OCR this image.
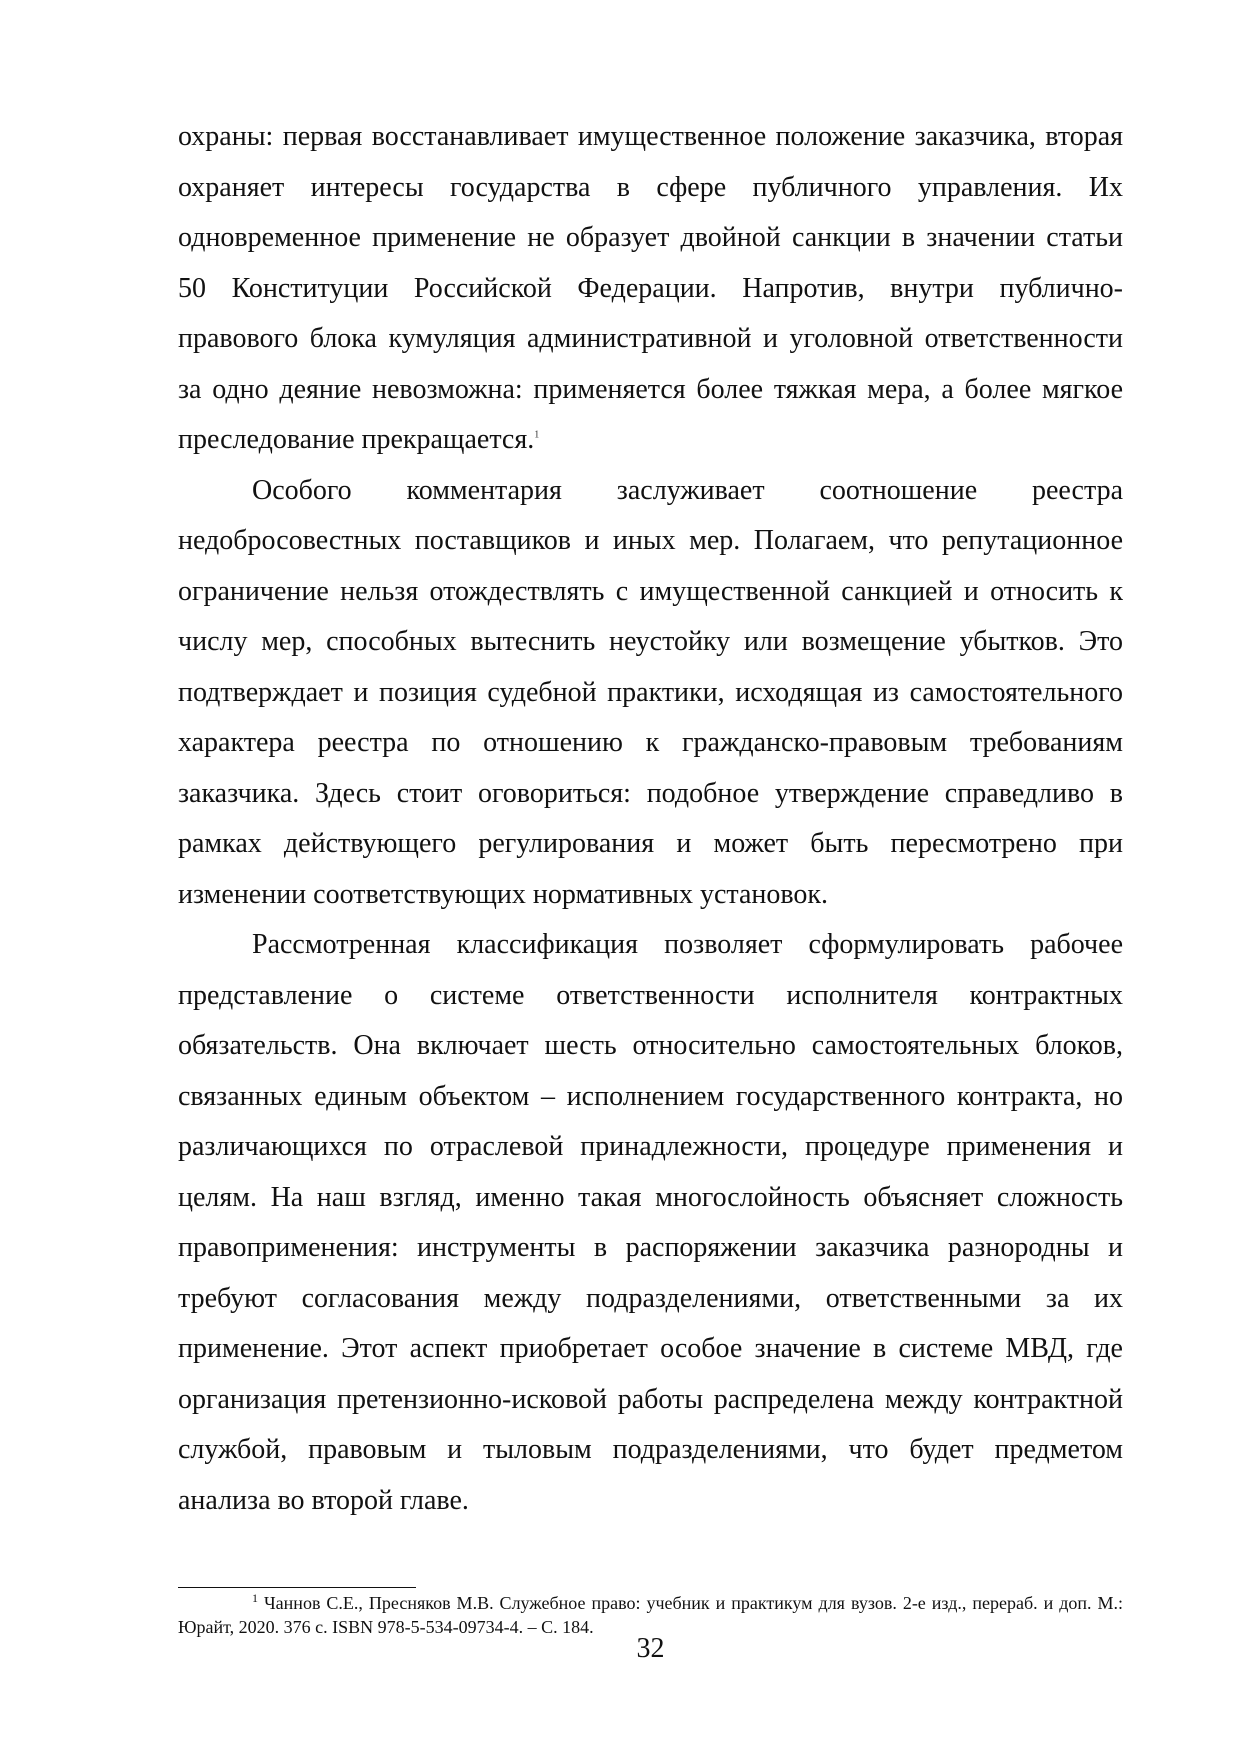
охраны: первая восстанавливает имущественное положение заказчика, вторая охраняет интересы государства в сфере публичного управления. Их одновременное применение не образует двойной санкции в значении статьи 50 Конституции Российской Федерации. Напротив, внутри публично-правового блока кумуляция административной и уголовной ответственности за одно деяние невозможна: применяется более тяжкая мера, а более мягкое преследование прекращается.$^1$

Особого комментария заслуживает соотношение реестра недобросовестных поставщиков и иных мер. Полагаем, что репутационное ограничение нельзя отождествлять с имущественной санкцией и относить к числу мер, способных вытеснить неустойку или возмещение убытков. Это подтверждает и позиция судебной практики, исходящая из самостоятельного характера реестра по отношению к гражданско-правовым требованиям заказчика. Здесь стоит оговориться: подобное утверждение справедливо в рамках действующего регулирования и может быть пересмотрено при изменении соответствующих нормативных установок.

Рассмотренная классификация позволяет сформулировать рабочее представление о системе ответственности исполнителя контрактных обязательств. Она включает шесть относительно самостоятельных блоков, связанных единым объектом – исполнением государственного контракта, но различающихся по отраслевой принадлежности, процедуре применения и целям. На наш взгляд, именно такая многослойность объясняет сложность правоприменения: инструменты в распоряжении заказчика разнородны и требуют согласования между подразделениями, ответственными за их применение. Этот аспект приобретает особое значение в системе МВД, где организация претензионно-исковой работы распределена между контрактной службой, правовым и тыловым подразделениями, что будет предметом анализа во второй главе.

$^1$ Чаннов С.Е., Пресняков М.В. Служебное право: учебник и практикум для вузов. 2-е изд., перераб. и доп. М.: Юрайт, 2020. 376 с. ISBN 978-5-534-09734-4. – С. 184.

32
